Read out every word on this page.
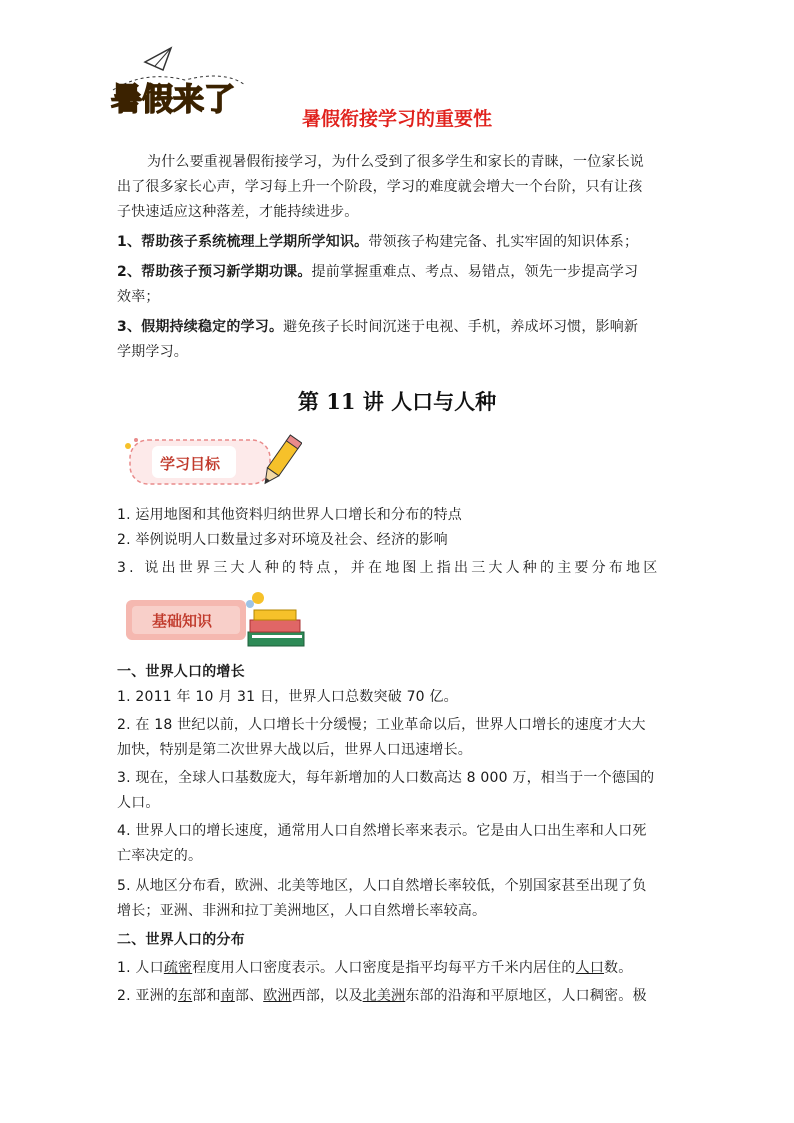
暑假来了
暑假衔接学习的重要性
为什么要重视暑假衔接学习，为什么受到了很多学生和家长的青睐，一位家长说
出了很多家长心声，学习每上升一个阶段，学习的难度就会增大一个台阶，只有让孩
子快速适应这种落差，才能持续进步。
1、帮助孩子系统梳理上学期所学知识。带领孩子构建完备、扎实牢固的知识体系；
2、帮助孩子预习新学期功课。提前掌握重难点、考点、易错点，领先一步提高学习
效率；
3、假期持续稳定的学习。避免孩子长时间沉迷于电视、手机，养成坏习惯，影响新
学期学习。
第 11 讲 人口与人种
学习目标
1. 运用地图和其他资料归纳世界人口增长和分布的特点
2. 举例说明人口数量过多对环境及社会、经济的影响
3. 说出世界三大人种的特点，并在地图上指出三大人种的主要分布地区
基础知识
一、世界人口的增长
1. 2011 年 10 月 31 日，世界人口总数突破 70 亿。
2. 在 18 世纪以前，人口增长十分缓慢；工业革命以后，世界人口增长的速度才大大
加快，特别是第二次世界大战以后，世界人口迅速增长。
3. 现在，全球人口基数庞大，每年新增加的人口数高达 8 000 万，相当于一个德国的
人口。
4. 世界人口的增长速度，通常用人口自然增长率来表示。它是由人口出生率和人口死
亡率决定的。
5. 从地区分布看，欧洲、北美等地区，人口自然增长率较低，个别国家甚至出现了负
增长；亚洲、非洲和拉丁美洲地区，人口自然增长率较高。
二、世界人口的分布
1. 人口疏密程度用人口密度表示。人口密度是指平均每平方千米内居住的人口数。
2. 亚洲的东部和南部、欧洲西部，以及北美洲东部的沿海和平原地区，人口稠密。极
